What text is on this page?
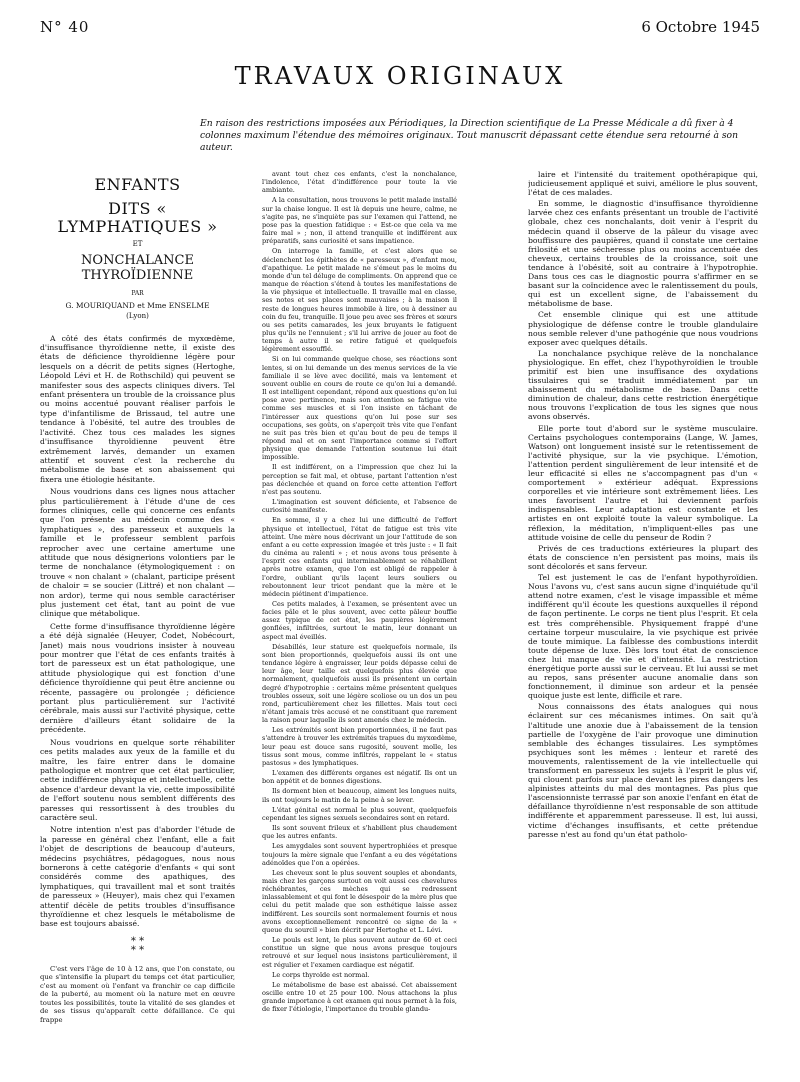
N° 40	6 Octobre 1945
TRAVAUX ORIGINAUX
En raison des restrictions imposées aux Périodiques, la Direction scientifique de La Presse Médicale a dû fixer à 4 colonnes maximum l'étendue des mémoires originaux. Tout manuscrit dépassant cette étendue sera retourné à son auteur.
ENFANTS
DITS « LYMPHATIQUES »
ET
NONCHALANCE THYROÏDIENNE
PAR
G. MOURIQUAND et Mme ENSELME
(Lyon)

A côté des états confirmés de myxœdème, d'insuffisance thyroïdienne nette, il existe des états de déficience thyroïdienne légère pour lesquels on a décrit de petits signes (Hertoghe, Léopold Lévi et H. de Rothschild) qui peuvent se manifester sous des aspects cliniques divers. Tel enfant présentera un trouble de la croissance plus ou moins accentué pouvant réaliser parfois le type d'infantilisme de Brissaud, tel autre une tendance à l'obésité, tel autre des troubles de l'activité. Chez tous ces malades les signes d'insuffisance thyroïdienne peuvent être extrêmement larvés, demander un examen attentif et souvent c'est la recherche du métabolisme de base et son abaissement qui fixera une étiologie hésitante.

Nous voudrions dans ces lignes nous attacher plus particulièrement à l'étude d'une de ces formes cliniques, celle qui concerne ces enfants que l'on présente au médecin comme des « lymphatiques », des paresseux et auxquels la famille et le professeur semblent parfois reprocher avec une certaine amertume une attitude que nous désignerions volontiers par le terme de nonchalance (étymologiquement : on trouve « non chalant » (chalant, participe présent de chaloir = se soucier (Littré) et non chalant — non ardor), terme qui nous semble caractériser plus justement cet état, tant au point de vue clinique que métabolique.

Cette forme d'insuffisance thyroïdienne légère a été déjà signalée (Heuyer, Codet, Nobécourt, Janet) mais nous voudrions insister à nouveau pour montrer que l'état de ces enfants traités à tort de paresseux est un état pathologique, une attitude physiologique qui est fonction d'une déficience thyroïdienne qui peut être ancienne ou récente, passagère ou prolongée ; déficience portant plus particulièrement sur l'activité cérébrale, mais aussi sur l'activité physique, cette dernière d'ailleurs étant solidaire de la précédente.

Nous voudrions en quelque sorte réhabiliter ces petits malades aux yeux de la famille et du maître, les faire entrer dans le domaine pathologique et montrer que cet état particulier, cette indifférence physique et intellectuelle, cette absence d'ardeur devant la vie, cette impossibilité de l'effort soutenu nous semblent différents des paresses qui ressortissent à des troubles du caractère seul.

Notre intention n'est pas d'aborder l'étude de la paresse en général chez l'enfant, elle a fait l'objet de descriptions de beaucoup d'auteurs, médecins psychiâtres, pédagogues, nous nous bornerons à cette catégorie d'enfants « qui sont considérés comme des apathiques, des lymphatiques, qui travaillent mal et sont traités de paresseux » (Heuyer), mais chez qui l'examen attentif décèle de petits troubles d'insuffisance thyroïdienne et chez lesquels le métabolisme de base est toujours abaissé.

* *
* *

C'est vers l'âge de 10 à 12 ans, que l'on constate, ou que s'intensifie la plupart du temps cet état particulier, c'est au moment où l'enfant va franchir ce cap difficile de la puberté, au moment où la nature met en œuvre toutes les possibilités, toute la vitalité de ses glandes et de ses tissus qu'apparaît cette défaillance. Ce qui frappe

avant tout chez ces enfants, c'est la nonchalance, l'indolence, l'état d'indifférence pour toute la vie ambiante.

A la consultation, nous trouvons le petit malade installé sur la chaise longue. Il est là depuis une heure, calme, ne s'agite pas, ne s'inquiète pas sur l'examen qui l'attend, ne pose pas la question fatidique : « Est-ce que cela va me faire mal » ; non, il attend tranquille et indifférent aux préparatifs, sans curiosité et sans impatience.

On interroge la famille, et c'est alors que se déclenchent les épithètes de « paresseux », d'enfant mou, d'apathique. Le petit malade ne s'émeut pas le moins du monde d'un tel déluge de compliments. On apprend que ce manque de réaction s'étend à toutes les manifestations de la vie physique et intellectuelle. Il travaille mal en classe, ses notes et ses places sont mauvaises ; à la maison il reste de longues heures immobile à lire, ou à dessiner au coin du feu, tranquille. Il joue peu avec ses frères et sœurs ou ses petits camarades, les jeux bruyants le fatiguent plus qu'ils ne l'ennuient ; s'il lui arrive de jouer au foot de temps à autre il se retire fatigué et quelquefois légèrement essoufflé.

Si on lui commande quelque chose, ses réactions sont lentes, si on lui demande un des menus services de la vie familiale il se lève avec docilité, mais va lentement et souvent oublie en cours de route ce qu'on lui a demandé. Il est intelligent cependant, répond aux questions qu'on lui pose avec pertinence, mais son attention se fatigue vite comme ses muscles et si l'on insiste en tâchant de l'intéresser aux questions qu'on lui pose sur ses occupations, ses goûts, on s'aperçoit très vite que l'enfant ne suit pas très bien et qu'au bout de peu de temps il répond mal et on sent l'importance comme si l'effort physique que demande l'attention soutenue lui était impossible.

Il est indifférent, on a l'impression que chez lui la perception se fait mal, et obtuse, partant l'attention n'est pas déclenchée et quand on force cette attention l'effort n'est pas soutenu.

L'imagination est souvent déficiente, et l'absence de curiosité manifeste.

En somme, il y a chez lui une difficulté de l'effort physique et intellectuel, l'état de fatigue est très vite atteint. Une mère nous décrivant un jour l'attitude de son enfant a eu cette expression imagée et très juste : « Il fait du cinéma au ralenti » ; et nous avons tous présente à l'esprit ces enfants qui interminablement se réhabillent après notre examen, que l'on est obligé de rappeler à l'ordre, oubliant qu'ils laçent leurs souliers ou reboutonnent leur tricot pendant que la mère et le médecin piétinent d'impatience.

Ces petits malades, à l'examen, se présentent avec un facies pâle et le plus souvent, avec cette pâleur bouffie assez typique de cet état, les paupières légèrement gonflées, infiltrées, surtout le matin, leur donnant un aspect mal éveillés.

Désabillés, leur stature est quelquefois normale, ils sont bien proportionnés, quelquefois aussi ils ont une tendance légère à engraisser, leur poids dépasse celui de leur âge, leur taille est quelquefois plus élevée que normalement, quelquefois aussi ils présentent un certain degré d'hypotrophie : certains même présentent quelques troubles osseux, soit une légère scoliose ou un dos un peu rond, particulièrement chez les fillettes. Mais tout ceci n'étant jamais très accusé et ne constituant que rarement la raison pour laquelle ils sont amenés chez le médecin.

Les extrémités sont bien proportionnées, il ne faut pas s'attendre à trouver les extrémités trapues du myxœdème, leur peau est douce sans rugosité, souvent molle, les tissus sont mous, comme infiltrés, rappelant le « status pastosus » des lymphatiques.

L'examen des différents organes est négatif. Ils ont un bon appétit et de bonnes digestions.

Ils dorment bien et beaucoup, aiment les longues nuits, ils ont toujours le matin de la peine à se lever.

L'état génital est normal le plus souvent, quelquefois cependant les signes sexuels secondaires sont en retard.

Ils sont souvent frileux et s'habillent plus chaudement que les autres enfants.

Les amygdales sont souvent hypertrophiées et presque toujours la mère signale que l'enfant a eu des végétations adénoïdes que l'on a opérées.

Les cheveux sont le plus souvent souples et abondants, mais chez les garçons surtout on voit aussi ces chevelures réchébrantes, ces mèches qui se redressent inlassablement et qui font le désespoir de la mère plus que celui du petit malade que son esthétique laisse assez indifférent. Les sourcils sont normalement fournis et nous avons exceptionnellement rencontré ce signe de la « queue du sourcil » bien décrit par Hertoghe et L. Lévi.

Le pouls est lent, le plus souvent autour de 60 et ceci constitue un signe que nous avons presque toujours retrouvé et sur lequel nous insistons particulièrement, il est régulier et l'examen cardiaque est négatif.

Le corps thyroïde est normal.

Le métabolisme de base est abaissé. Cet abaissement oscille entre 10 et 25 pour 100. Nous attachons la plus grande importance à cet examen qui nous permet à la fois, de fixer l'étiologie, l'importance du trouble glandu-

laire et l'intensité du traitement opothérapique qui, judicieusement appliqué et suivi, améliore le plus souvent, l'état de ces malades.

En somme, le diagnostic d'insuffisance thyroïdienne larvée chez ces enfants présentant un trouble de l'activité globale, chez ces nonchalants, doit venir à l'esprit du médecin quand il observe de la pâleur du visage avec bouffissure des paupières, quand il constate une certaine frilosité et une sécheresse plus ou moins accentuée des cheveux, certains troubles de la croissance, soit une tendance à l'obésité, soit au contraire à l'hypotrophie. Dans tous ces cas le diagnostic pourra s'affirmer en se basant sur la coïncidence avec le ralentissement du pouls, qui est un excellent signe, de l'abaissement du métabolisme de base.

Cet ensemble clinique qui est une attitude physiologique de défense contre le trouble glandulaire nous semble relever d'une pathogénie que nous voudrions exposer avec quelques détails.

La nonchalance psychique relève de la nonchalance physiologique. En effet, chez l'hypothyroïdien le trouble primitif est bien une insuffisance des oxydations tissulaires qui se traduit immédiatement par un abaissement du métabolisme de base. Dans cette diminution de chaleur, dans cette restriction énergétique nous trouvons l'explication de tous les signes que nous avons observés.

Elle porte tout d'abord sur le système musculaire. Certains psychologues contemporains (Lange, W. James, Watson) ont longuement insisté sur le retentissement de l'activité physique, sur la vie psychique. L'émotion, l'attention perdent singulièrement de leur intensité et de leur efficacité si elles ne s'accompagnent pas d'un « comportement » extérieur adéquat. Expressions corporelles et vie intérieure sont extrêmement liées. Les unes favorisent l'autre et lui deviennent parfois indispensables. Leur adaptation est constante et les artistes en ont exploité toute la valeur symbolique. La réflexion, la méditation, n'impliquent-elles pas une attitude voisine de celle du penseur de Rodin ?

Privés de ces traductions extérieures la plupart des états de conscience n'en persistent pas moins, mais ils sont décolorés et sans ferveur.

Tel est justement le cas de l'enfant hypothyroïdien. Nous l'avons vu, c'est sans aucun signe d'inquiétude qu'il attend notre examen, c'est le visage impassible et même indifférent qu'il écoute les questions auxquelles il répond de façon pertinente. Le corps ne tient plus l'esprit. Et cela est très compréhensible. Physiquement frappé d'une certaine torpeur musculaire, la vie psychique est privée de toute mimique. La faiblesse des combustions interdit toute dépense de luxe. Dès lors tout état de conscience chez lui manque de vie et d'intensité. La restriction énergétique porte aussi sur le cerveau. Et lui aussi se met au repos, sans présenter aucune anomalie dans son fonctionnement, il diminue son ardeur et la pensée quoique juste est lente, difficile et rare.

Nous connaissons des états analogues qui nous éclairent sur ces mécanismes intimes. On sait qu'à l'altitude une anoxie due à l'abaissement de la tension partielle de l'oxygène de l'air provoque une diminution semblable des échanges tissulaires. Les symptômes psychiques sont les mêmes : lenteur et rareté des mouvements, ralentissement de la vie intellectuelle qui transforment en paresseux les sujets à l'esprit le plus vif, qui clouent parfois sur place devant les pires dangers les alpinistes atteints du mal des montagnes. Pas plus que l'ascensionniste terrassé par son anoxie l'enfant en état de défaillance thyroïdienne n'est responsable de son attitude indifférente et apparemment paresseuse. Il est, lui aussi, victime d'échanges insuffisants, et cette prétendue paresse n'est au fond qu'un état patholo-
